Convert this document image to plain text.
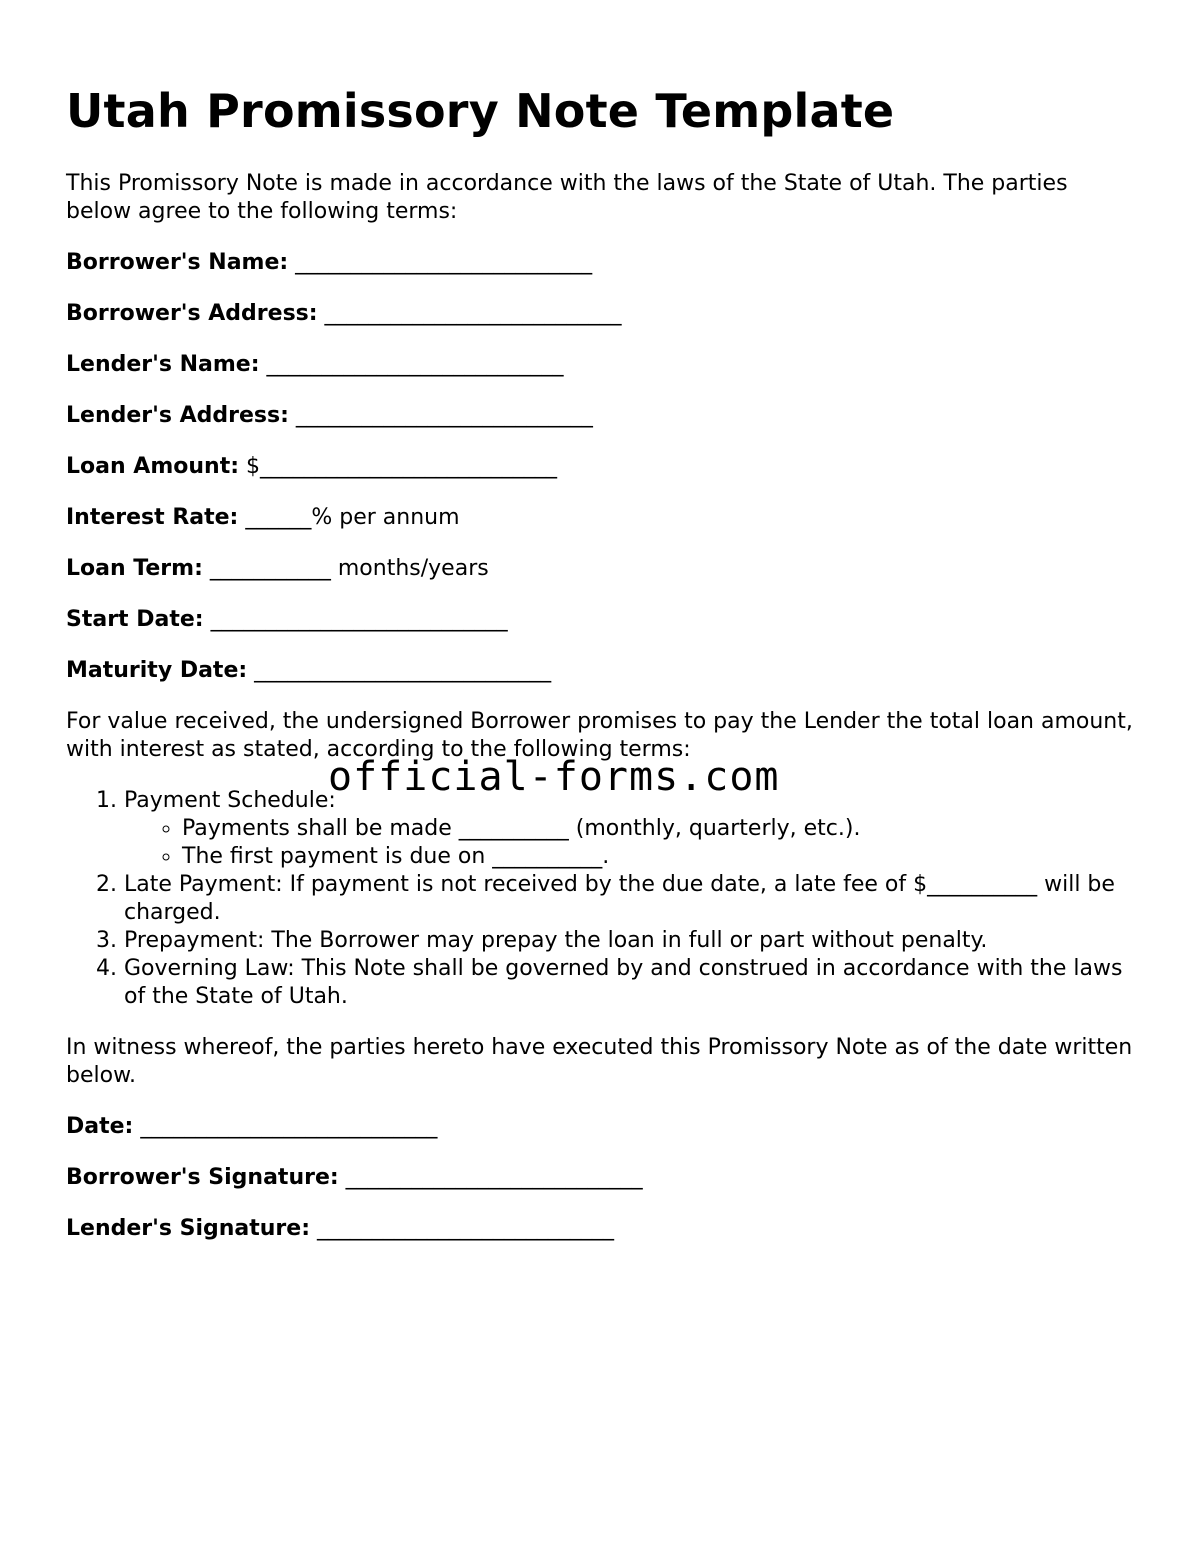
Utah Promissory Note Template

This Promissory Note is made in accordance with the laws of the State of Utah. The parties below agree to the following terms:

Borrower's Name: ___________________________
Borrower's Address: ___________________________
Lender's Name: ___________________________
Lender's Address: ___________________________
Loan Amount: $___________________________
Interest Rate: ______% per annum
Loan Term: ___________ months/years
Start Date: ___________________________
Maturity Date: ___________________________

For value received, the undersigned Borrower promises to pay the Lender the total loan amount, with interest as stated, according to the following terms:

1. Payment Schedule:
◦ Payments shall be made __________ (monthly, quarterly, etc.).
◦ The first payment is due on __________.
2. Late Payment: If payment is not received by the due date, a late fee of $__________ will be charged.
3. Prepayment: The Borrower may prepay the loan in full or part without penalty.
4. Governing Law: This Note shall be governed by and construed in accordance with the laws of the State of Utah.

In witness whereof, the parties hereto have executed this Promissory Note as of the date written below.

Date: ___________________________
Borrower's Signature: ___________________________
Lender's Signature: ___________________________
official-forms.com
